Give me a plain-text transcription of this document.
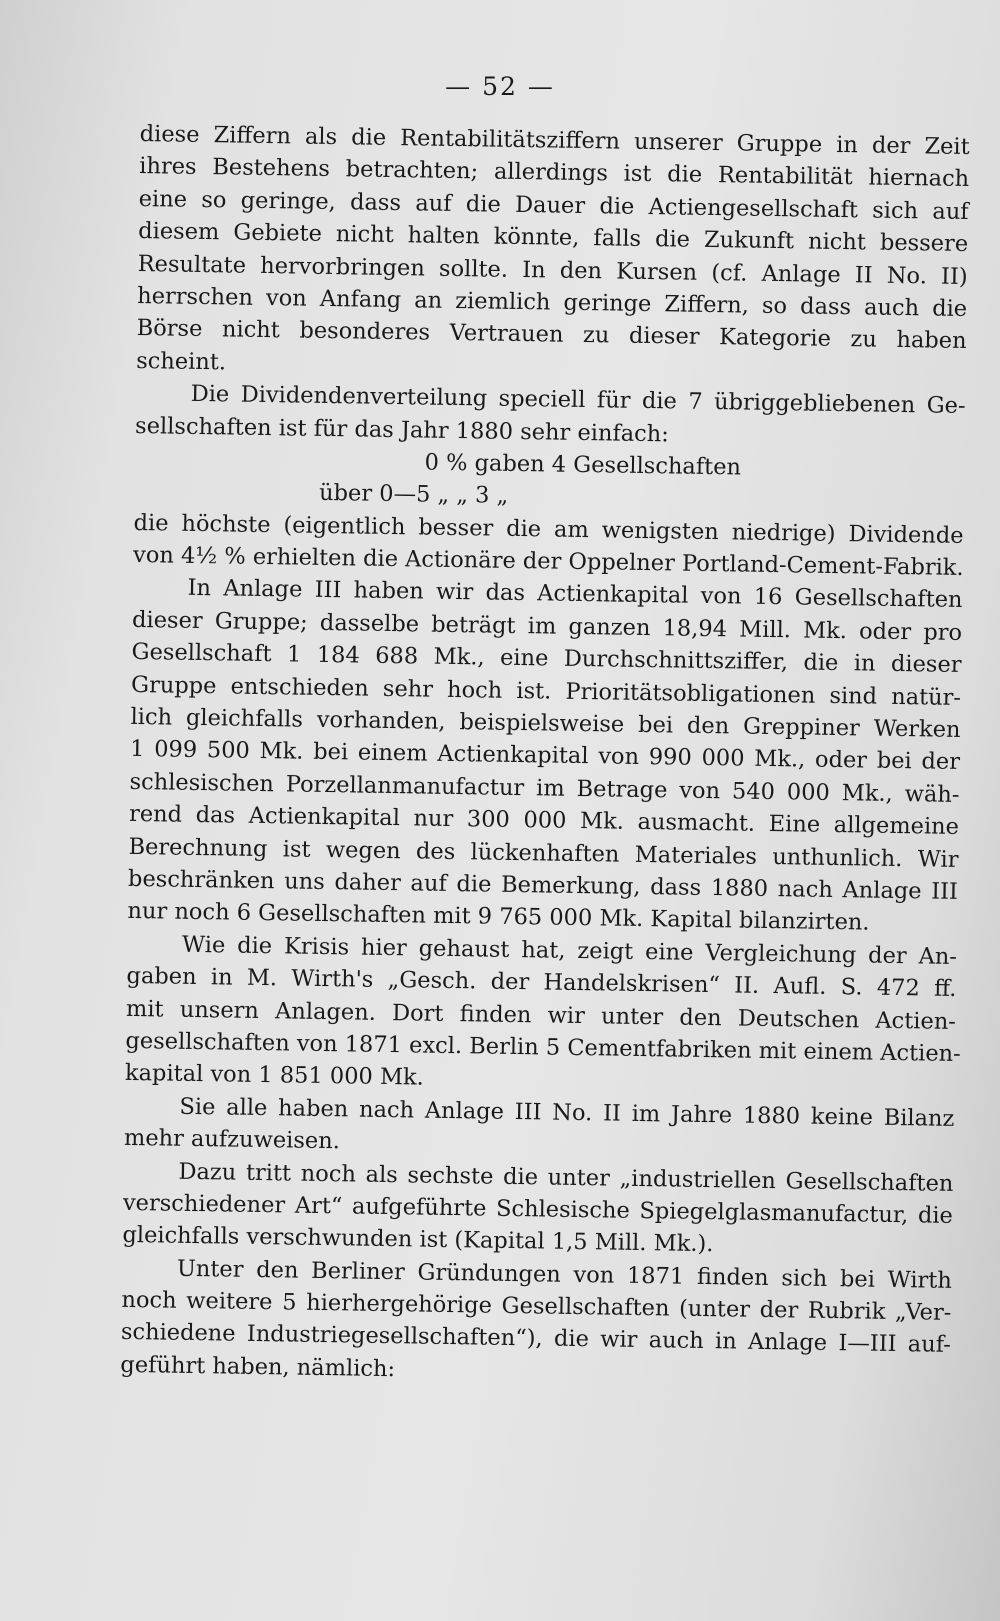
— 52 —
diese Ziffern als die Rentabilitätsziffern unserer Gruppe in der Zeit
ihres Bestehens betrachten; allerdings ist die Rentabilität hiernach
eine so geringe, dass auf die Dauer die Actiengesellschaft sich auf
diesem Gebiete nicht halten könnte, falls die Zukunft nicht bessere
Resultate hervorbringen sollte. In den Kursen (cf. Anlage II No. II)
herrschen von Anfang an ziemlich geringe Ziffern, so dass auch die
Börse nicht besonderes Vertrauen zu dieser Kategorie zu haben
scheint.
Die Dividendenverteilung speciell für die 7 übriggebliebenen Ge-
sellschaften ist für das Jahr 1880 sehr einfach:
0 % gaben 4 Gesellschaften
über 0—5 „ „ 3 „
die höchste (eigentlich besser die am wenigsten niedrige) Dividende
von 4½ % erhielten die Actionäre der Oppelner Portland-Cement-Fabrik.
In Anlage III haben wir das Actienkapital von 16 Gesellschaften
dieser Gruppe; dasselbe beträgt im ganzen 18,94 Mill. Mk. oder pro
Gesellschaft 1 184 688 Mk., eine Durchschnittsziffer, die in dieser
Gruppe entschieden sehr hoch ist. Prioritätsobligationen sind natür-
lich gleichfalls vorhanden, beispielsweise bei den Greppiner Werken
1 099 500 Mk. bei einem Actienkapital von 990 000 Mk., oder bei der
schlesischen Porzellanmanufactur im Betrage von 540 000 Mk., wäh-
rend das Actienkapital nur 300 000 Mk. ausmacht. Eine allgemeine
Berechnung ist wegen des lückenhaften Materiales unthunlich. Wir
beschränken uns daher auf die Bemerkung, dass 1880 nach Anlage III
nur noch 6 Gesellschaften mit 9 765 000 Mk. Kapital bilanzirten.
Wie die Krisis hier gehaust hat, zeigt eine Vergleichung der An-
gaben in M. Wirth's „Gesch. der Handelskrisen“ II. Aufl. S. 472 ff.
mit unsern Anlagen. Dort finden wir unter den Deutschen Actien-
gesellschaften von 1871 excl. Berlin 5 Cementfabriken mit einem Actien-
kapital von 1 851 000 Mk.
Sie alle haben nach Anlage III No. II im Jahre 1880 keine Bilanz
mehr aufzuweisen.
Dazu tritt noch als sechste die unter „industriellen Gesellschaften
verschiedener Art“ aufgeführte Schlesische Spiegelglasmanufactur, die
gleichfalls verschwunden ist (Kapital 1,5 Mill. Mk.).
Unter den Berliner Gründungen von 1871 finden sich bei Wirth
noch weitere 5 hierhergehörige Gesellschaften (unter der Rubrik „Ver-
schiedene Industriegesellschaften“), die wir auch in Anlage I—III auf-
geführt haben, nämlich:
